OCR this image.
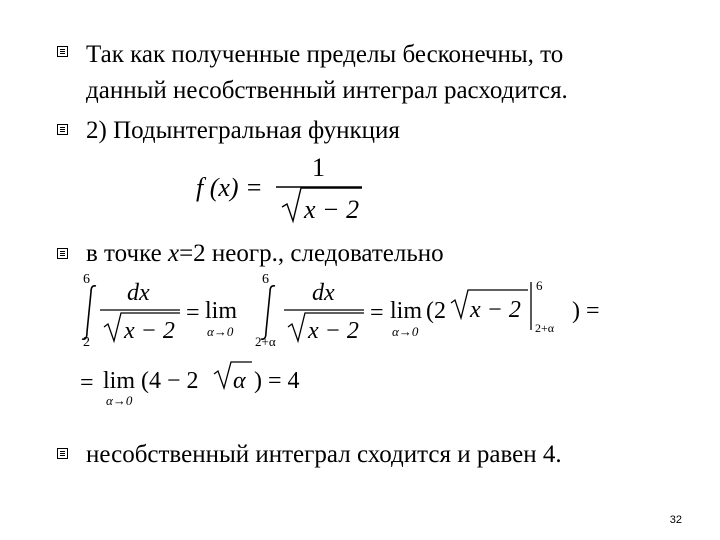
Так как полученные пределы бесконечны, то
данный несобственный интеграл расходится.
2) Подынтегральная функция
в точке x=2 неогр., следовательно
несобственный интеграл сходится и равен 4.
f (x) =
1
x − 2
6
2
dx
x − 2
= lim
α→0
6
2+α
dx
x − 2
= lim
α→0
(2 x − 2
6
2+α
) =
= lim
α→0
(4 − 2 α ) = 4
32
